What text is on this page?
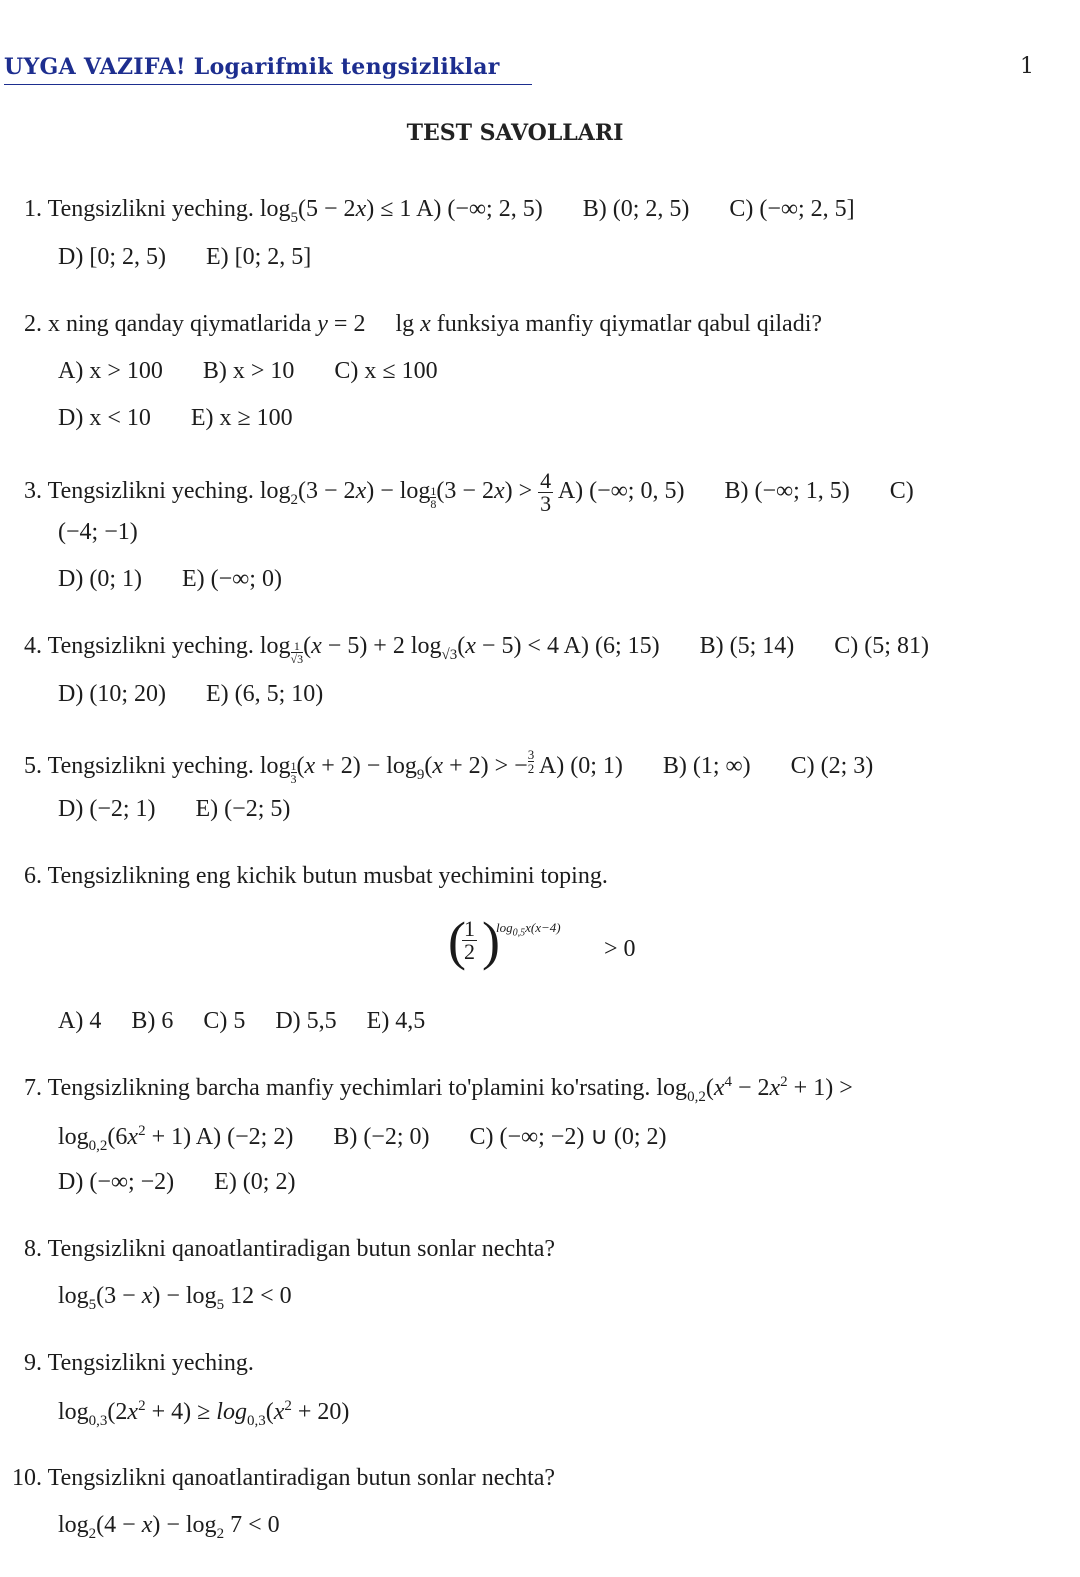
UYGA VAZIFA! Logarifmik tengsizliklar	1
TEST SAVOLLARI
1. Tengsizlikni yeching. $\log_5(5 - 2x) \le 1$ A) (−∞; 2, 5) B) (0; 2, 5) C) (−∞; 2, 5]
D) [0; 2, 5) E) [0; 2, 5]
2. x ning qanday qiymatlarida y = 2     lg x funksiya manfiy qiymatlar qabul qiladi?
A) x > 100 B) x > 10 C) x ≤ 100
D) x < 10 E) x ≥ 100
3. Tengsizlikni yeching. $\log_2(3 - 2x) - \log \frac{1}{8} (3 - 2x) > \frac{4}{3} A$) (−∞; 0, 5) B) (−∞; 1, 5) C)
(−4; −1)
D) (0; 1) E) (−∞; 0)
4. Tengsizlikni yeching. $\log \frac{1}{√3} (x - 5) + 2$ $\log_{√3}(x - 5) < 4$ A) (6; 15) B) (5; 14) C) (5; 81)
D) (10; 20) E) (6, 5; 10)
5. Tengsizlikni yeching. $\log \frac{1}{3} (x + 2) - \log_9(x + 2)$ > − $\frac{3}{2} A$) (0; 1) B) (1; ∞) C) (2; 3)
D) (−2; 1) E) (−2; 5)
6. Tengsizlikning eng kichik butun musbat yechimini toping.
(
$\frac{1}{2}$ )
$\log_{0,5}x(x-4)$
> 0
A) 4 B) 6 C) 5 D) 5,5 E) 4,5
7. Tengsizlikning barcha manfiy yechimlari to'plamini ko'rsating. $\log_{0,2}(x^4 - 2x^2 + 1)$ >
$\log_{0,2}(6x^2 + 1)$ A) (−2; 2) B) (−2; 0) C) (−∞; −2) ∪ (0; 2)
D) (−∞; −2) E) (0; 2)
8. Tengsizlikni qanoatlantiradigan butun sonlar nechta?
$\log_5(3 - x) - \log_5 12 < 0$
9. Tengsizlikni yeching.
$\log_{0,3}(2x^2 + 4) \ge \log_{0,3}(x^2 + 20)$
10. Tengsizlikni qanoatlantiradigan butun sonlar nechta?
$\log_2(4 - x) - \log_2 7 < 0$
